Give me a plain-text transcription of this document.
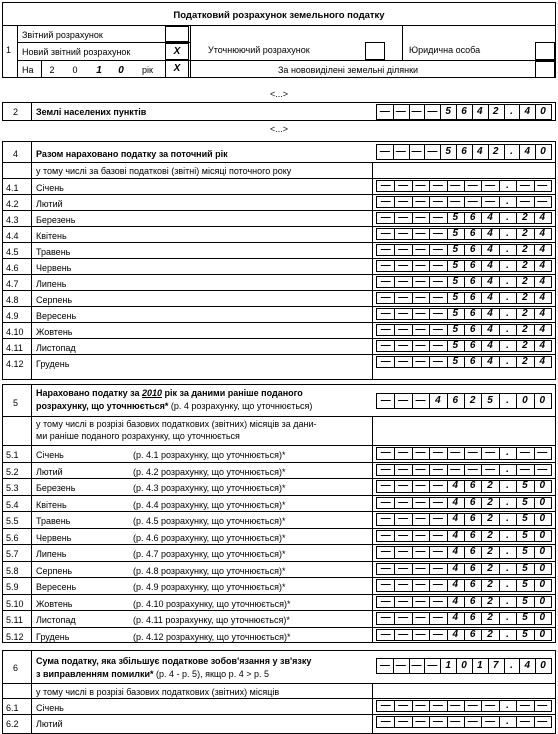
Податковий розрахунок земельного податку
1
Звітний розрахунок
Новий звітний розрахунок	X	Уточнюючий розрахунок	Юридична особа
На	2	0	1	0	рік	X	За нововиділені земельні ділянки
<...>
2 Землі населених пунктів	— — — — 5	6	4	2	.	4	0
<...>
4 Разом нараховано податку за поточний рік	— — — — 5	6	4	2	.	4	0
у тому числі за базові податкові (звітні) місяці поточного року
4.1 Січень	— — — — — — —	.	— —
4.2 Лютий	— — — — — — —	.	— —
4.3 Березень	— — — — 5	6	4	.	2	4
4.4 Квітень	— — — — 5	6	4	.	2	4
4.5 Травень	— — — — 5	6	4	.	2	4
4.6 Червень	— — — — 5	6	4	.	2	4
4.7 Липень	— — — — 5	6	4	.	2	4
4.8 Серпень	— — — — 5	6	4	.	2	4
4.9 Вересень	— — — — 5	6	4	.	2	4
4.10 Жовтень	— — — — 5	6	4	.	2	4
4.11 Листопад	— — — — 5	6	4	.	2	4
4.12 Грудень	— — — — 5	6	4	.	2	4
5
Нараховано податку за 2010 рік за даними раніше поданого
розрахунку, що уточнюється* (р. 4 розрахунку, що уточнюється)	— — — 4	6	2	5	.	0	0
у тому числі в розрізі базових податкових (звітних) місяців за дани-
ми раніше поданого розрахунку, що уточнюється
5.1 Січень	(р. 4.1 розрахунку, що уточнюється)*	— — — — — — —	.	— —
5.2 Лютий	(р. 4.2 розрахунку, що уточнюється)*	— — — — — — —	.	— —
5.3 Березень	(р. 4.3 розрахунку, що уточнюється)*	— — — — 4	6	2	.	5	0
5.4 Квітень	(р. 4.4 розрахунку, що уточнюється)*	— — — — 4	6	2	.	5	0
5.5 Травень	(р. 4.5 розрахунку, що уточнюється)*	— — — — 4	6	2	.	5	0
5.6 Червень	(р. 4.6 розрахунку, що уточнюється)*	— — — — 4	6	2	.	5	0
5.7 Липень	(р. 4.7 розрахунку, що уточнюється)*	— — — — 4	6	2	.	5	0
5.8 Серпень	(р. 4.8 розрахунку, що уточнюється)*	— — — — 4	6	2	.	5	0
5.9 Вересень	(р. 4.9 розрахунку, що уточнюється)*	— — — — 4	6	2	.	5	0
5.10 Жовтень	(р. 4.10 розрахунку, що уточнюється)*	— — — — 4	6	2	.	5	0
5.11 Листопад	(р. 4.11 розрахунку, що уточнюється)*	— — — — 4	6	2	.	5	0
5.12 Грудень	(р. 4.12 розрахунку, що уточнюється)*	— — — — 4	6	2	.	5	0
6
Сума податку, яка збільшує податкове зобов'язання у зв'язку
з виправленням помилки* (р. 4 - р. 5), якщо р. 4 > р. 5
— — — — 1	0	1	7	.	4	0
у тому числі в розрізі базових податкових (звітних) місяців
6.1 Січень	— — — — — — —	.	— —
6.2 Лютий	— — — — — — —	.	— —
